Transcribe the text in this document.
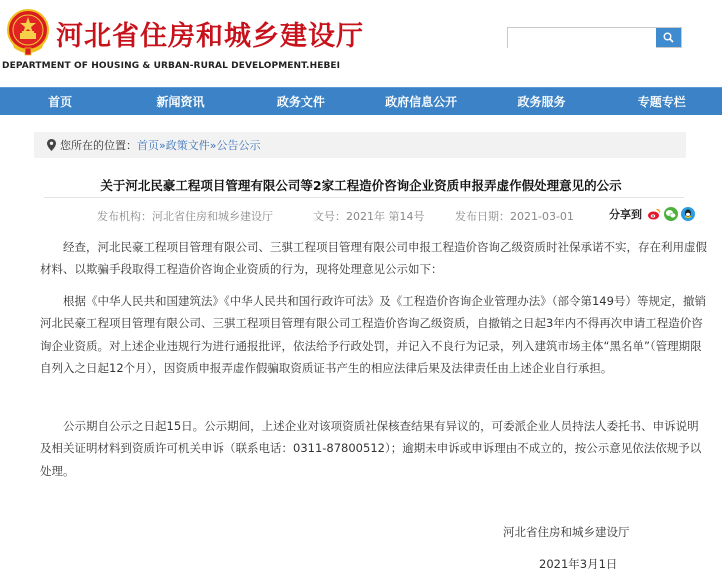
河北省住房和城乡建设厅
DEPARTMENT OF HOUSING & URBAN-RURAL DEVELOPMENT.HEBEI
首页	新闻资讯	政务文件	政府信息公开	政务服务	专题专栏
您所在的位置： 首页 » 政策文件 » 公告公示
关于河北民豪工程项目管理有限公司等2家工程造价咨询企业资质申报弄虚作假处理意见的公示
发布机构：河北省住房和城乡建设厅	文号：2021年 第14号	发布日期：2021-03-01	分享到
经查，河北民豪工程项目管理有限公司、三骐工程项目管理有限公司申报工程造价咨询乙级资质时社保承诺不实，存在利用虚假材料、以欺骗手段取得工程造价咨询企业资质的行为，现将处理意见公示如下：
根据《中华人民共和国建筑法》《中华人民共和国行政许可法》及《工程造价咨询企业管理办法》（部令第149号）等规定，撤销河北民豪工程项目管理有限公司、三骐工程项目管理有限公司工程造价咨询乙级资质，自撤销之日起3年内不得再次申请工程造价咨询企业资质。对上述企业违规行为进行通报批评，依法给予行政处罚，并记入不良行为记录，列入建筑市场主体“黑名单”（管理期限自列入之日起12个月），因资质申报弄虚作假骗取资质证书产生的相应法律后果及法律责任由上述企业自行承担。
公示期自公示之日起15日。公示期间，上述企业对该项资质社保核查结果有异议的，可委派企业人员持法人委托书、申诉说明及相关证明材料到资质许可机关申诉（联系电话：0311-87800512）；逾期未申诉或申诉理由不成立的，按公示意见依法依规予以处理。
河北省住房和城乡建设厅
2021年3月1日
